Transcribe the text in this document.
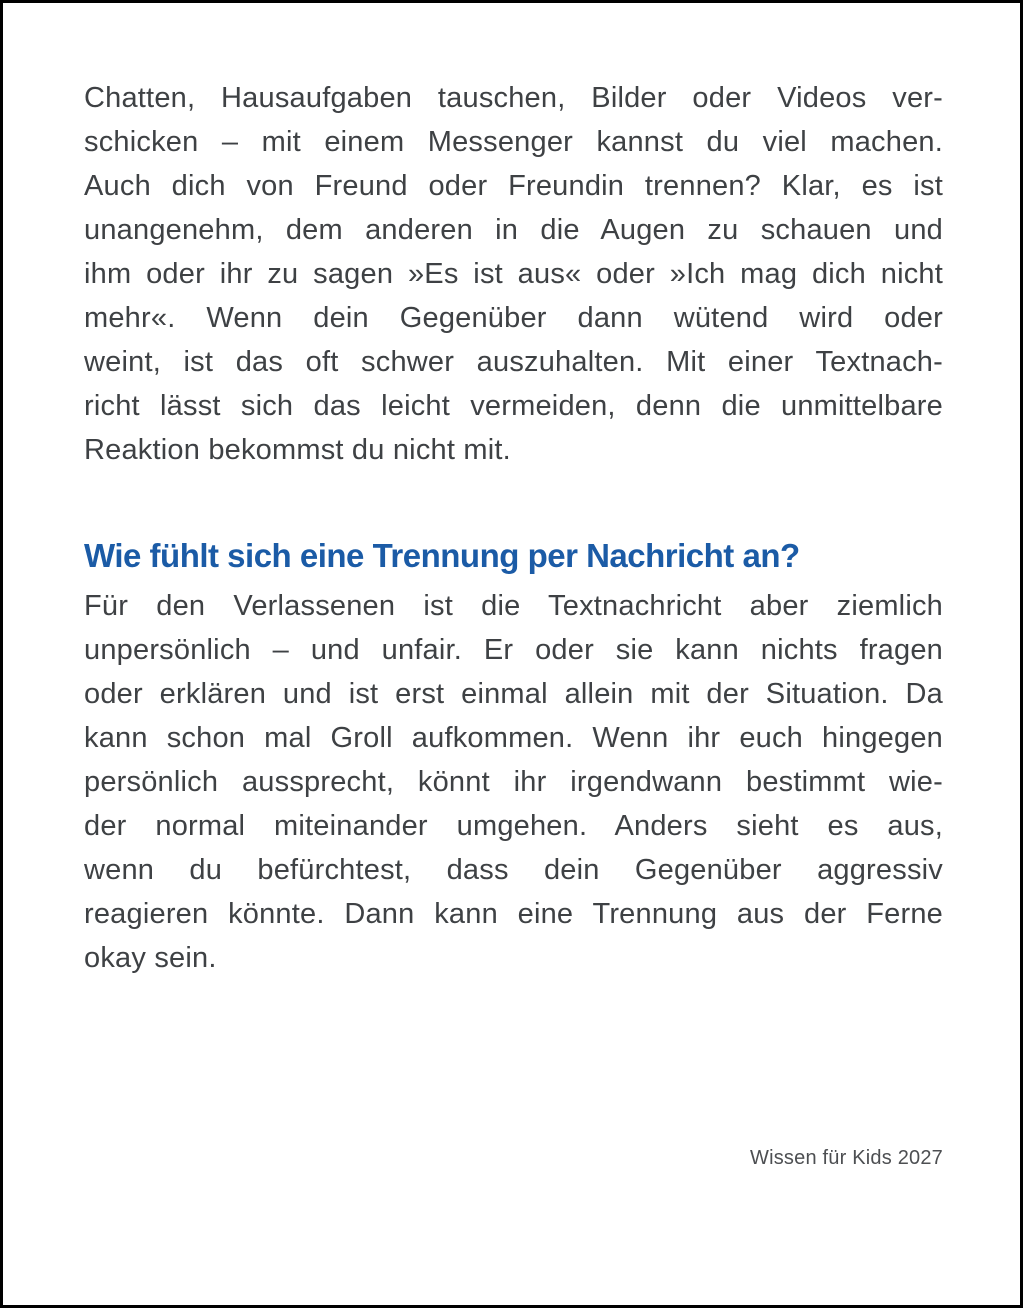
Chatten, Hausaufgaben tauschen, Bilder oder Videos ver-
schicken – mit einem Messenger kannst du viel machen.
Auch dich von Freund oder Freundin trennen? Klar, es ist
unangenehm, dem anderen in die Augen zu schauen und
ihm oder ihr zu sagen »Es ist aus« oder »Ich mag dich nicht
mehr«. Wenn dein Gegenüber dann wütend wird oder
weint, ist das oft schwer auszuhalten. Mit einer Textnach-
richt lässt sich das leicht vermeiden, denn die unmittelbare
Reaktion bekommst du nicht mit.
Wie fühlt sich eine Trennung per Nachricht an?
Für den Verlassenen ist die Textnachricht aber ziemlich
unpersönlich – und unfair. Er oder sie kann nichts fragen
oder erklären und ist erst einmal allein mit der Situation. Da
kann schon mal Groll aufkommen. Wenn ihr euch hingegen
persönlich aussprecht, könnt ihr irgendwann bestimmt wie-
der normal miteinander umgehen. Anders sieht es aus,
wenn du befürchtest, dass dein Gegenüber aggressiv
reagieren könnte. Dann kann eine Trennung aus der Ferne
okay sein.
Wissen für Kids 2027
